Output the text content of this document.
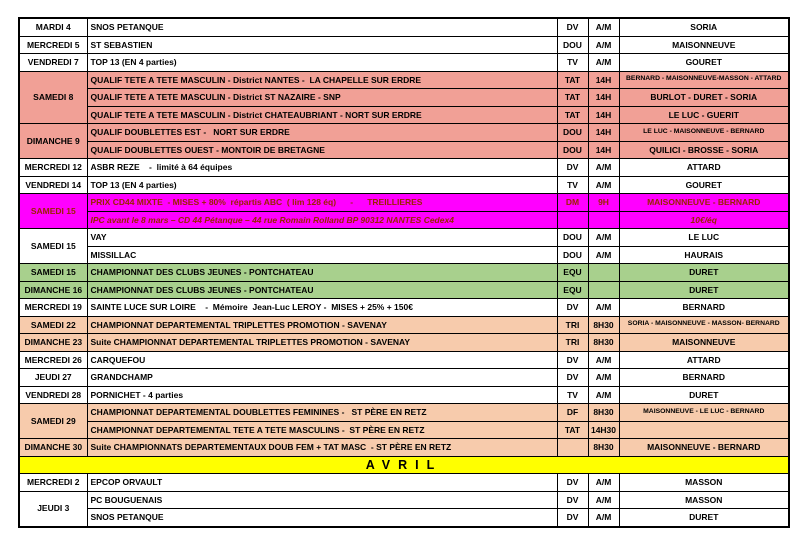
MARDI 4	SNOS PETANQUE	DV	A/M	SORIA
MERCREDI 5	ST SEBASTIEN	DOU	A/M	MAISONNEUVE
VENDREDI 7	TOP 13 (EN 4 parties)	TV	A/M	GOURET
SAMEDI 8	QUALIF TETE A TETE MASCULIN - District NANTES -  LA CHAPELLE SUR ERDRE	TAT	14H	BERNARD - MAISONNEUVE-MASSON - ATTARD
	QUALIF TETE A TETE MASCULIN - District ST NAZAIRE - SNP	TAT	14H	BURLOT - DURET - SORIA
	QUALIF TETE A TETE MASCULIN - District CHATEAUBRIANT - NORT SUR ERDRE	TAT	14H	LE LUC - GUERIT
DIMANCHE 9	QUALIF DOUBLETTES EST -   NORT SUR ERDRE	DOU	14H	LE LUC - MAISONNEUVE - BERNARD
	QUALIF DOUBLETTES OUEST - MONTOIR DE BRETAGNE	DOU	14H	QUILICI - BROSSE - SORIA
MERCREDI 12	ASBR REZE    -  limité à 64 équipes	DV	A/M	ATTARD
VENDREDI 14	TOP 13 (EN 4 parties)	TV	A/M	GOURET
SAMEDI 15	PRIX CD44 MIXTE  - MISES + 80%  répartis ABC  ( lim 128 éq)      -      TREILLIERES	DM	9H	MAISONNEUVE - BERNARD
	IPC avant le 8 mars – CD 44 Pétanque – 44 rue Romain Rolland BP 90312 NANTES Cedex4			10€/éq
SAMEDI 15	VAY	DOU	A/M	LE LUC
	MISSILLAC	DOU	A/M	HAURAIS
SAMEDI 15	CHAMPIONNAT DES CLUBS JEUNES - PONTCHATEAU	EQU		DURET
DIMANCHE 16	CHAMPIONNAT DES CLUBS JEUNES - PONTCHATEAU	EQU		DURET
MERCREDI 19	SAINTE LUCE SUR LOIRE    -  Mémoire  Jean-Luc LEROY -  MISES + 25% + 150€	DV	A/M	BERNARD
SAMEDI 22	CHAMPIONNAT DEPARTEMENTAL TRIPLETTES PROMOTION - SAVENAY	TRI	8H30	SORIA - MAISONNEUVE - MASSON- BERNARD
DIMANCHE 23	Suite CHAMPIONNAT DEPARTEMENTAL TRIPLETTES PROMOTION - SAVENAY	TRI	8H30	MAISONNEUVE
MERCREDI 26	CARQUEFOU	DV	A/M	ATTARD
JEUDI 27	GRANDCHAMP	DV	A/M	BERNARD
VENDREDI 28	PORNICHET - 4 parties	TV	A/M	DURET
SAMEDI 29	CHAMPIONNAT DEPARTEMENTAL DOUBLETTES FEMININES -   ST PÈRE EN RETZ	DF	8H30	MAISONNEUVE - LE LUC - BERNARD
	CHAMPIONNAT DEPARTEMENTAL TETE A TETE MASCULINS -  ST PÈRE EN RETZ	TAT	14H30	
DIMANCHE 30	Suite CHAMPIONNATS DEPARTEMENTAUX DOUB FEM + TAT MASC  - ST PÈRE EN RETZ		8H30	MAISONNEUVE - BERNARD
AVRIL				
MERCREDI 2	EPCOP ORVAULT	DV	A/M	MASSON
JEUDI 3	PC BOUGUENAIS	DV	A/M	MASSON
	SNOS PETANQUE	DV	A/M	DURET
